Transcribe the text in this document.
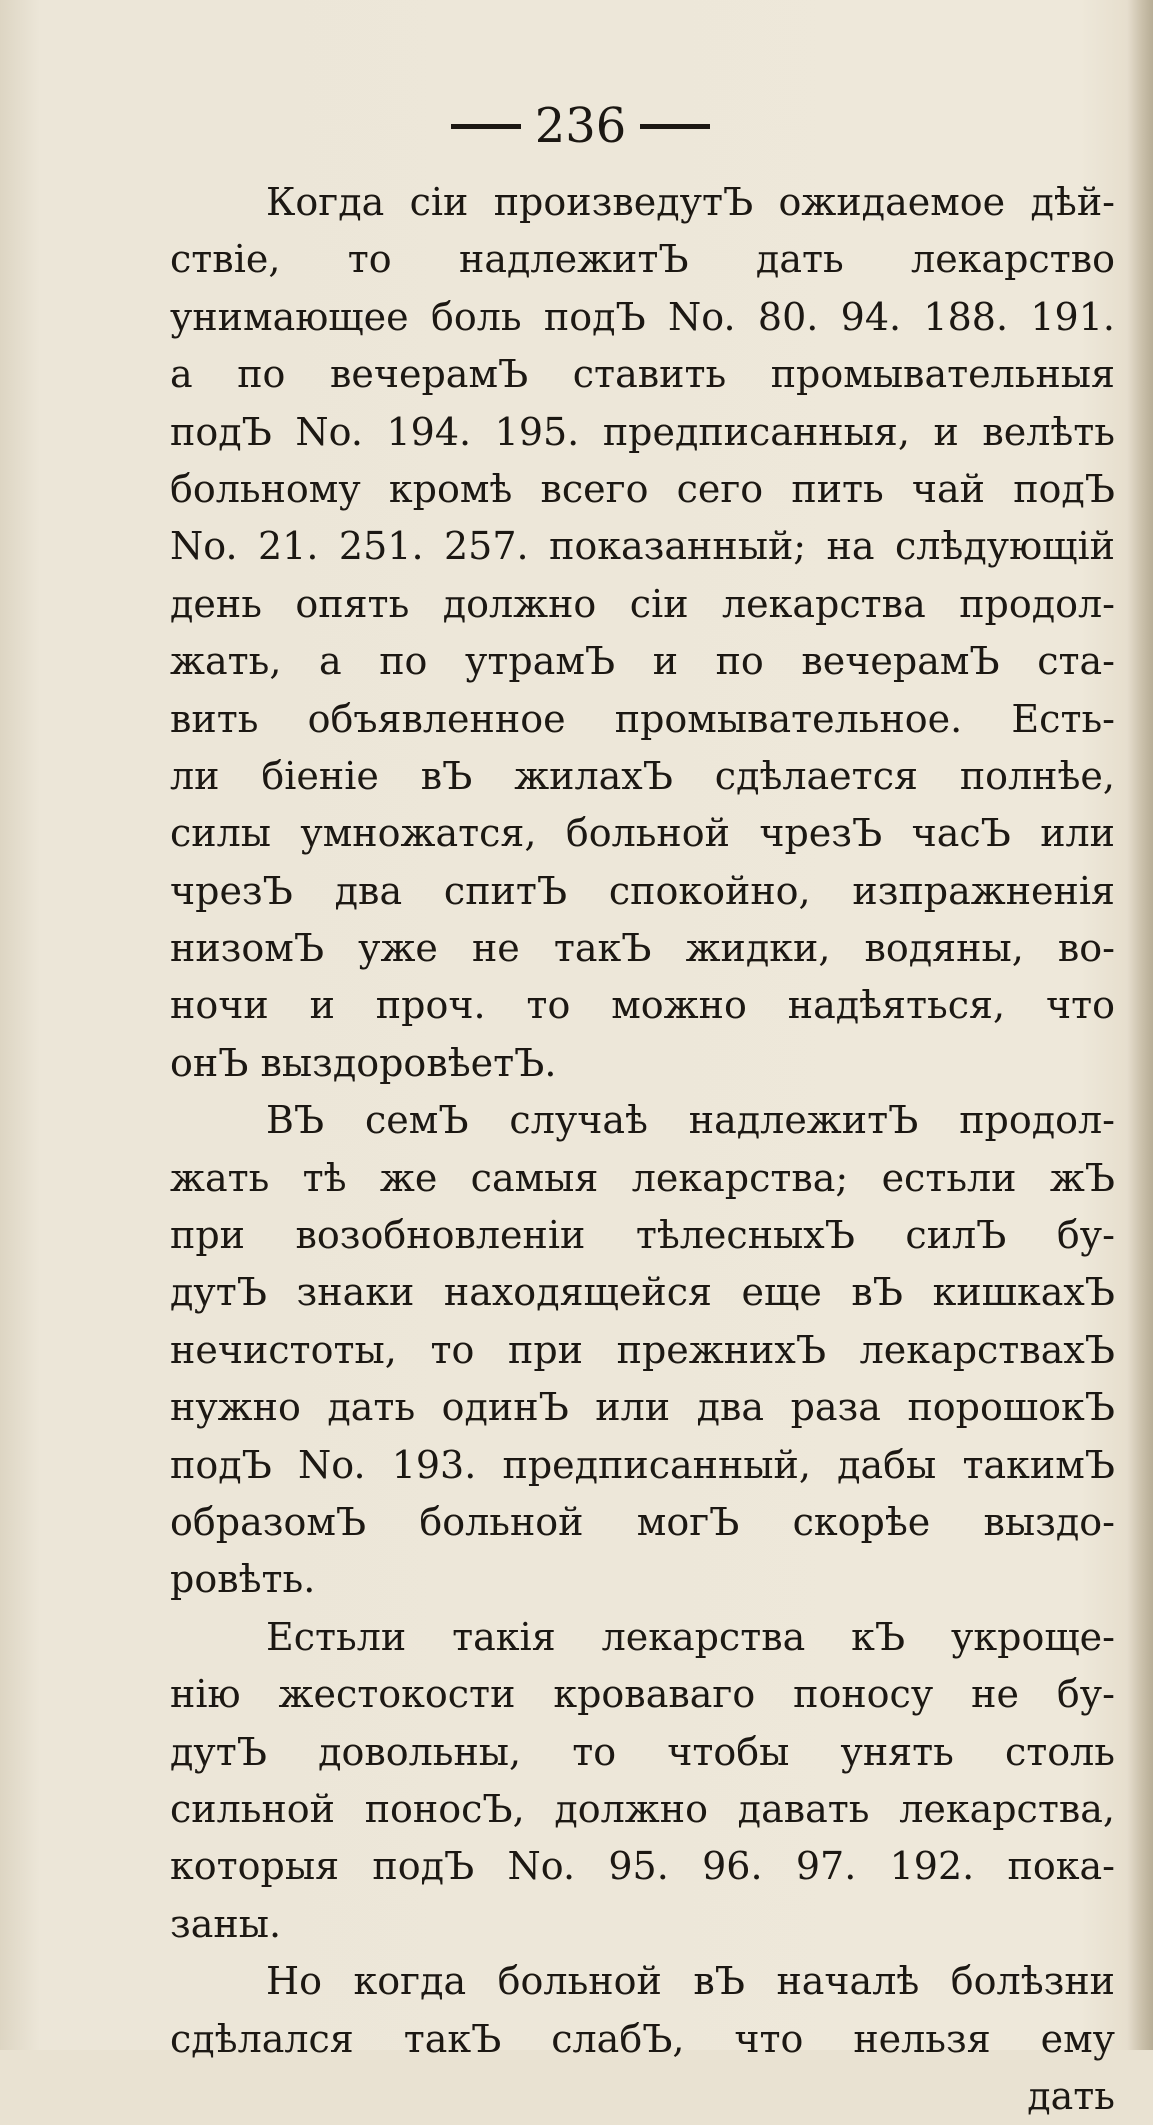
236
Когда сiи произведутЪ ожидаемое дѣй-
ствiе, то надлежитЪ дать лекарство
унимающее боль подЪ No. 80. 94. 188. 191.
а по вечерамЪ ставить промывательныя
подЪ No. 194. 195. предписанныя, и велѣть
больному кромѣ всего сего пить чай подЪ
No. 21. 251. 257. показанный; на слѣдующiй
день опять должно сiи лекарства продол-
жать, а по утрамЪ и по вечерамЪ ста-
вить объявленное промывательное. Есть-
ли бiенiе вЪ жилахЪ сдѣлается полнѣе,
силы умножатся, больной чрезЪ часЪ или
чрезЪ два спитЪ спокойно, изпражненiя
низомЪ уже не такЪ жидки, водяны, во-
ночи и проч. то можно надѣяться, что
онЪ выздоровѣетЪ.
ВЪ семЪ случаѣ надлежитЪ продол-
жать тѣ же самыя лекарства; естьли жЪ
при возобновленiи тѣлесныхЪ силЪ бу-
дутЪ знаки находящейся еще вЪ кишкахЪ
нечистоты, то при прежнихЪ лекарствахЪ
нужно дать одинЪ или два раза порошокЪ
подЪ No. 193. предписанный, дабы такимЪ
образомЪ больной могЪ скорѣе выздо-
ровѣть.
Естьли такiя лекарства кЪ укроще-
нiю жестокости кроваваго поносу не бу-
дутЪ довольны, то чтобы унять столь
сильной поносЪ, должно давать лекарства,
которыя подЪ No. 95. 96. 97. 192. пока-
заны.
Но когда больной вЪ началѣ болѣзни
сдѣлался такЪ слабЪ, что нельзя ему
дать
